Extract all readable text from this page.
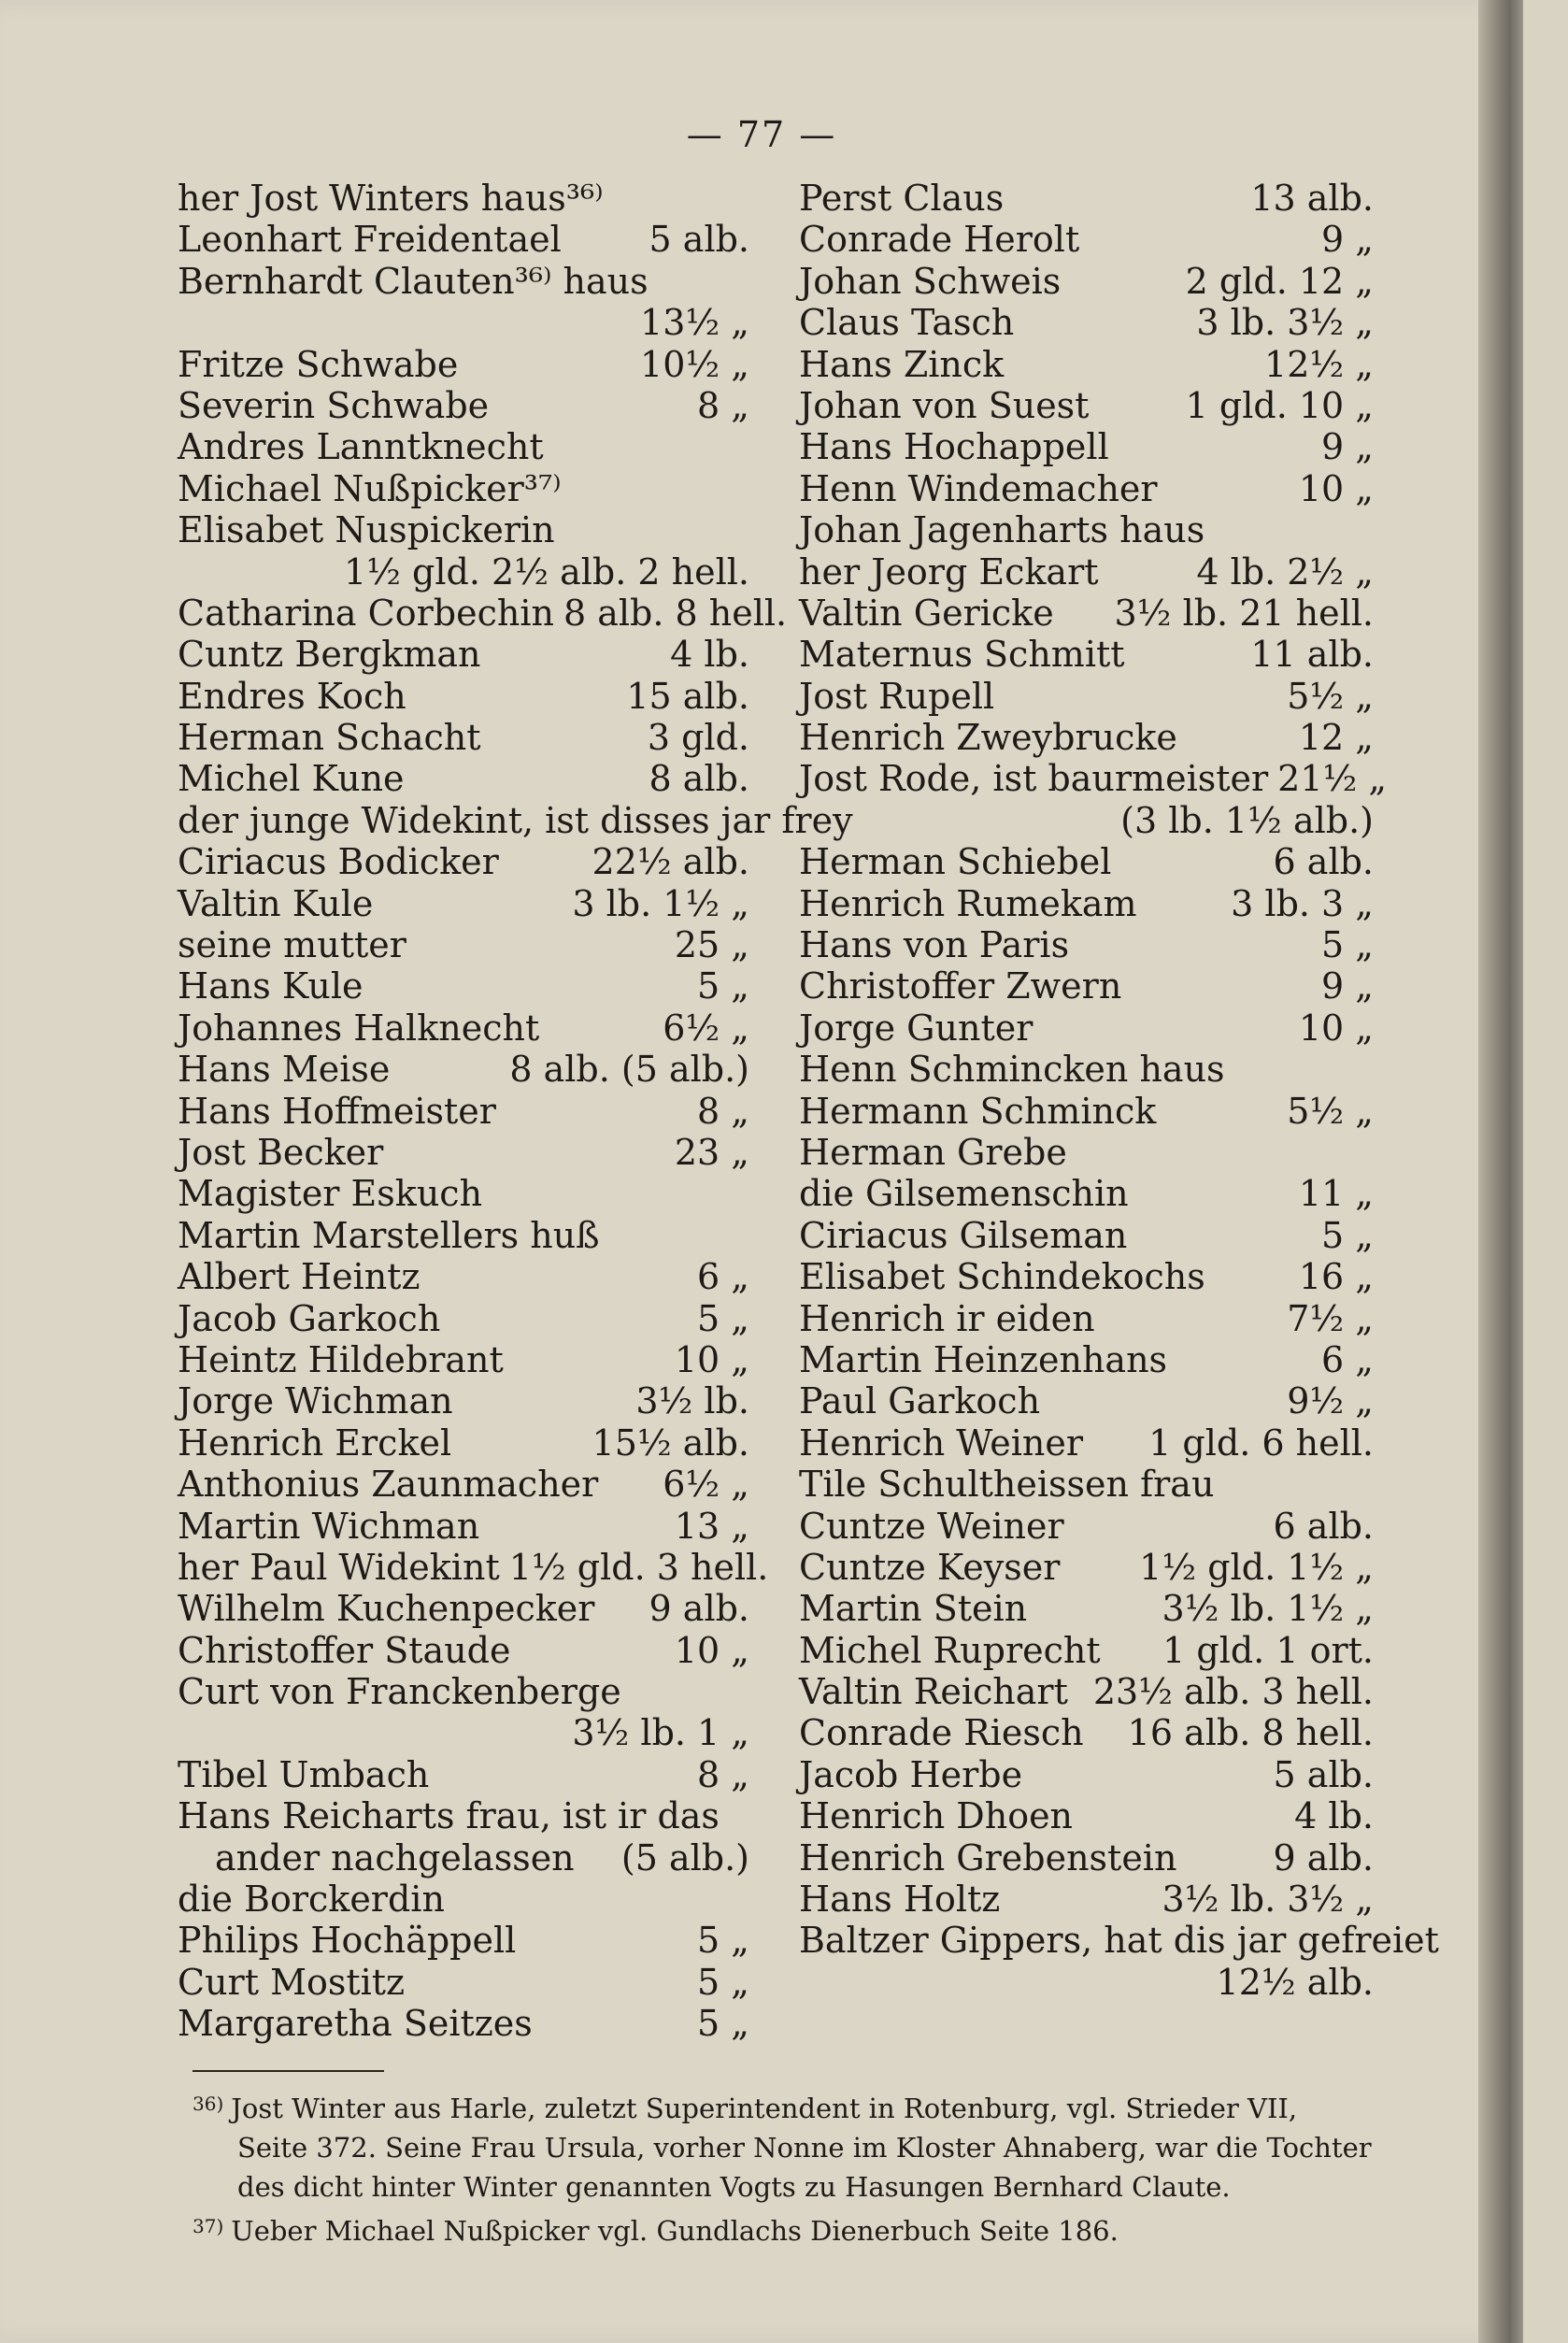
— 77 —
her Jost Winters haus³⁶⁾
Leonhart Freidentael	5 alb.
Bernhardt Clauten³⁶⁾ haus
13½ „
Fritze Schwabe	10½ „
Severin Schwabe	8 „
Andres Lanntknecht
Michael Nußpicker³⁷⁾
Elisabet Nuspickerin
1½ gld. 2½ alb. 2 hell.
Catharina Corbechin 8 alb. 8 hell.
Cuntz Bergkman	4 lb.
Endres Koch	15 alb.
Herman Schacht	3 gld.
Michel Kune	8 alb.
der junge Widekint, ist disses jar frey
Ciriacus Bodicker	22½ alb.
Valtin Kule	3 lb. 1½ „
seine mutter	25 „
Hans Kule	5 „
Johannes Halknecht	6½ „
Hans Meise	8 alb. (5 alb.)
Hans Hoffmeister	8 „
Jost Becker	23 „
Magister Eskuch
Martin Marstellers huß
Albert Heintz	6 „
Jacob Garkoch	5 „
Heintz Hildebrant	10 „
Jorge Wichman	3½ lb.
Henrich Erckel	15½ alb.
Anthonius Zaunmacher	6½ „
Martin Wichman	13 „
her Paul Widekint 1½ gld. 3 hell.
Wilhelm Kuchenpecker	9 alb.
Christoffer Staude	10 „
Curt von Franckenberge
3½ lb. 1 „
Tibel Umbach	8 „
Hans Reicharts frau, ist ir das
ander nachgelassen	(5 alb.)
die Borckerdin
Philips Hochäppell	5 „
Curt Mostitz	5 „
Margaretha Seitzes	5 „
Perst Claus	13 alb.
Conrade Herolt	9 „
Johan Schweis	2 gld. 12 „
Claus Tasch	3 lb. 3½ „
Hans Zinck	12½ „
Johan von Suest	1 gld. 10 „
Hans Hochappell	9 „
Henn Windemacher	10 „
Johan Jagenharts haus
her Jeorg Eckart	4 lb. 2½ „
Valtin Gericke	3½ lb. 21 hell.
Maternus Schmitt	11 alb.
Jost Rupell	5½ „
Henrich Zweybrucke	12 „
Jost Rode, ist baurmeister 21½ „
(3 lb. 1½ alb.)
Herman Schiebel	6 alb.
Henrich Rumekam	3 lb. 3 „
Hans von Paris	5 „
Christoffer Zwern	9 „
Jorge Gunter	10 „
Henn Schmincken haus
Hermann Schminck	5½ „
Herman Grebe
die Gilsemenschin	11 „
Ciriacus Gilseman	5 „
Elisabet Schindekochs	16 „
Henrich ir eiden	7½ „
Martin Heinzenhans	6 „
Paul Garkoch	9½ „
Henrich Weiner	1 gld. 6 hell.
Tile Schultheissen frau
Cuntze Weiner	6 alb.
Cuntze Keyser	1½ gld. 1½ „
Martin Stein	3½ lb. 1½ „
Michel Ruprecht	1 gld. 1 ort.
Valtin Reichart 23½ alb. 3 hell.
Conrade Riesch	16 alb. 8 hell.
Jacob Herbe	5 alb.
Henrich Dhoen	4 lb.
Henrich Grebenstein	9 alb.
Hans Holtz	3½ lb. 3½ „
Baltzer Gippers, hat dis jar gefreiet
12½ alb.
$^{36)}$ Jost Winter aus Harle, zuletzt Superintendent in Rotenburg, vgl. Strieder VII,
Seite 372. Seine Frau Ursula, vorher Nonne im Kloster Ahnaberg, war die Tochter
des dicht hinter Winter genannten Vogts zu Hasungen Bernhard Claute.
$^{37)}$ Ueber Michael Nußpicker vgl. Gundlachs Dienerbuch Seite 186.
